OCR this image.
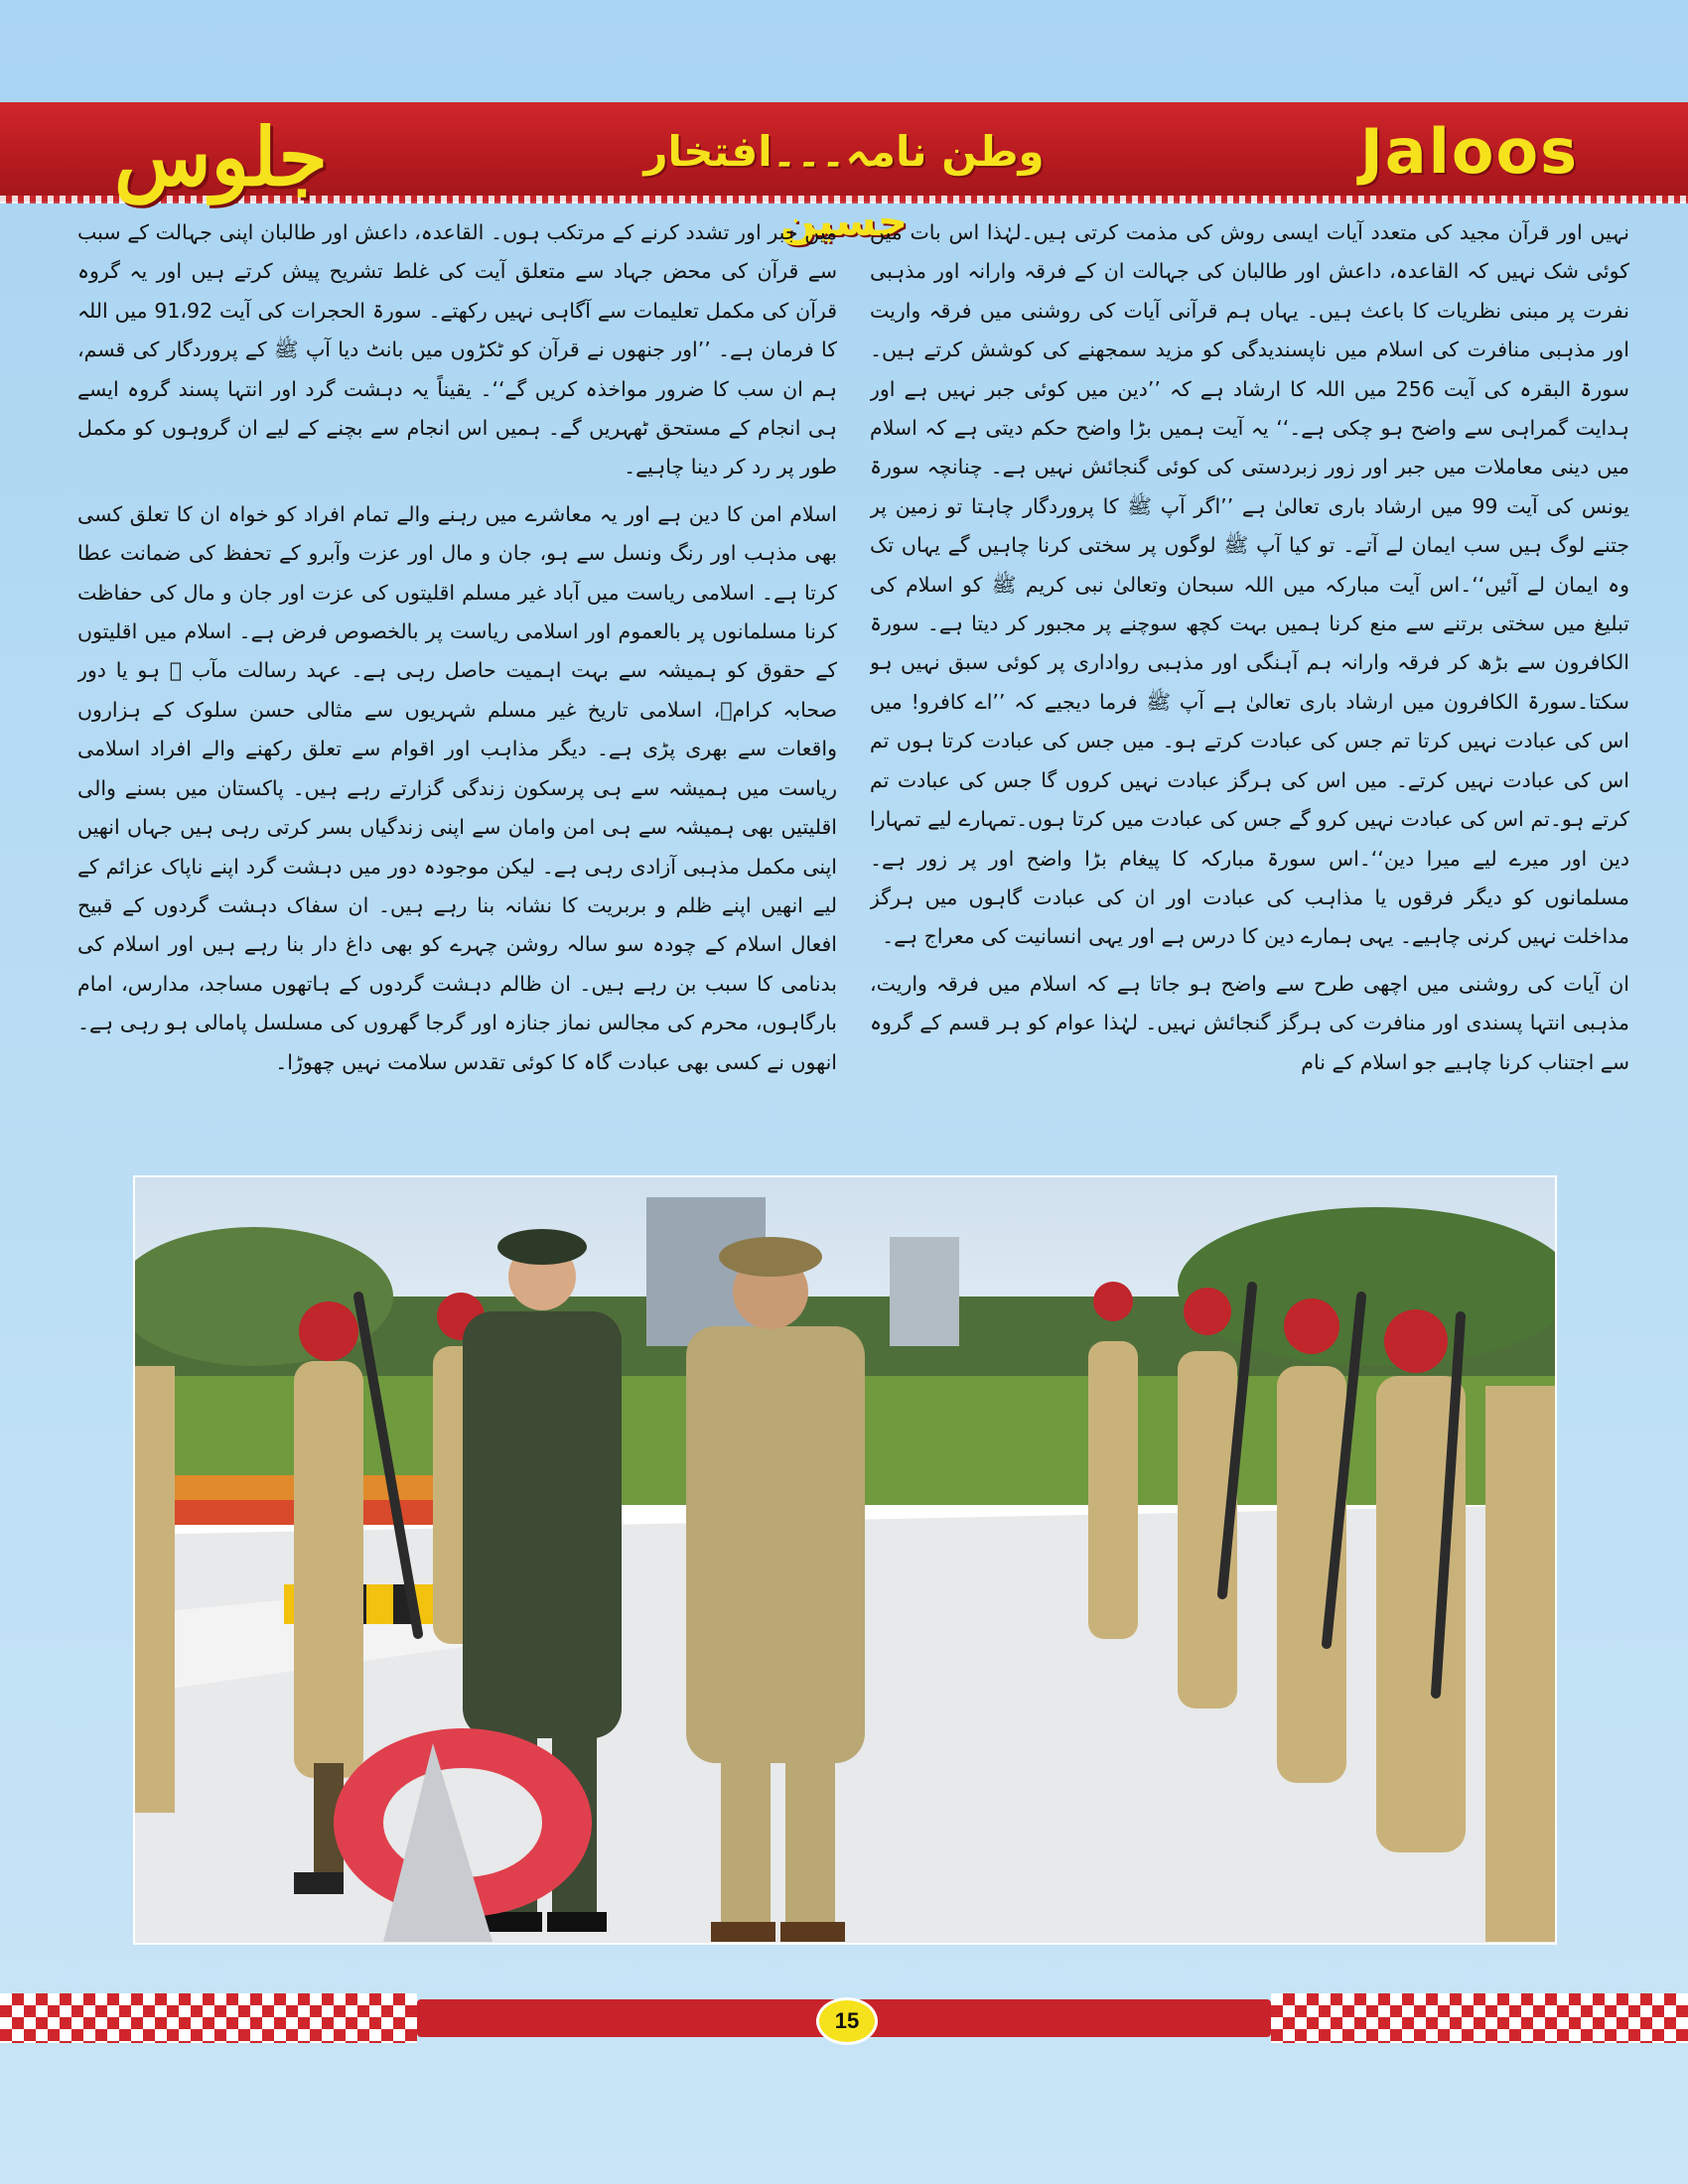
جلوس	وطن نامہ۔۔۔افتخار حسین
Jaloos

نہیں اور قرآن مجید کی متعدد آیات ایسی روش کی مذمت کرتی ہیں۔لہٰذا اس بات میں کوئی شک نہیں کہ القاعدہ، داعش اور طالبان کی جہالت ان کے فرقہ وارانہ اور مذہبی نفرت پر مبنی نظریات کا باعث ہیں۔ یہاں ہم قرآنی آیات کی روشنی میں فرقہ واریت اور مذہبی منافرت کی اسلام میں ناپسندیدگی کو مزید سمجھنے کی کوشش کرتے ہیں۔سورۃ البقرہ کی آیت 256 میں اللہ کا ارشاد ہے کہ ’’دین میں کوئی جبر نہیں ہے اور ہدایت گمراہی سے واضح ہو چکی ہے۔‘‘ یہ آیت ہمیں بڑا واضح حکم دیتی ہے کہ اسلام میں دینی معاملات میں جبر اور زور زبردستی کی کوئی گنجائش نہیں ہے۔ چنانچہ سورۃ یونس کی آیت 99 میں ارشاد باری تعالیٰ ہے ’’اگر آپ ﷺ کا پروردگار چاہتا تو زمین پر جتنے لوگ ہیں سب ایمان لے آتے۔ تو کیا آپ ﷺ لوگوں پر سختی کرنا چاہیں گے یہاں تک وہ ایمان لے آئیں‘‘۔اس آیت مبارکہ میں اللہ سبحان وتعالیٰ نبی کریم ﷺ کو اسلام کی تبلیغ میں سختی برتنے سے منع کرنا ہمیں بہت کچھ سوچنے پر مجبور کر دیتا ہے۔ سورۃ الکافرون سے بڑھ کر فرقہ وارانہ ہم آہنگی اور مذہبی رواداری پر کوئی سبق نہیں ہو سکتا۔سورۃ الکافرون میں ارشاد باری تعالیٰ ہے آپ ﷺ فرما دیجیے کہ ’’اے کافرو! میں اس کی عبادت نہیں کرتا تم جس کی عبادت کرتے ہو۔ میں جس کی عبادت کرتا ہوں تم اس کی عبادت نہیں کرتے۔ میں اس کی ہرگز عبادت نہیں کروں گا جس کی عبادت تم کرتے ہو۔تم اس کی عبادت نہیں کرو گے جس کی عبادت میں کرتا ہوں۔تمہارے لیے تمہارا دین اور میرے لیے میرا دین‘‘۔اس سورۃ مبارکہ کا پیغام بڑا واضح اور پر زور ہے۔ مسلمانوں کو دیگر فرقوں یا مذاہب کی عبادت اور ان کی عبادت گاہوں میں ہرگز مداخلت نہیں کرنی چاہیے۔ یہی ہمارے دین کا درس ہے اور یہی انسانیت کی معراج ہے۔

ان آیات کی روشنی میں اچھی طرح سے واضح ہو جاتا ہے کہ اسلام میں فرقہ واریت، مذہبی انتہا پسندی اور منافرت کی ہرگز گنجائش نہیں۔ لہٰذا عوام کو ہر قسم کے گروہ سے اجتناب کرنا چاہیے جو اسلام کے نام

میں جبر اور تشدد کرنے کے مرتکب ہوں۔ القاعدہ، داعش اور طالبان اپنی جہالت کے سبب سے قرآن کی محض جہاد سے متعلق آیت کی غلط تشریح پیش کرتے ہیں اور یہ گروہ قرآن کی مکمل تعلیمات سے آگاہی نہیں رکھتے۔ سورۃ الحجرات کی آیت 91،92 میں اللہ کا فرمان ہے۔ ’’اور جنھوں نے قرآن کو ٹکڑوں میں بانٹ دیا آپ ﷺ کے پروردگار کی قسم، ہم ان سب کا ضرور مواخذہ کریں گے‘‘۔ یقیناً یہ دہشت گرد اور انتہا پسند گروہ ایسے ہی انجام کے مستحق ٹھہریں گے۔ ہمیں اس انجام سے بچنے کے لیے ان گروہوں کو مکمل طور پر رد کر دینا چاہیے۔

اسلام امن کا دین ہے اور یہ معاشرے میں رہنے والے تمام افراد کو خواہ ان کا تعلق کسی بھی مذہب اور رنگ ونسل سے ہو، جان و مال اور عزت وآبرو کے تحفظ کی ضمانت عطا کرتا ہے۔ اسلامی ریاست میں آباد غیر مسلم اقلیتوں کی عزت اور جان و مال کی حفاظت کرنا مسلمانوں پر بالعموم اور اسلامی ریاست پر بالخصوص فرض ہے۔ اسلام میں اقلیتوں کے حقوق کو ہمیشہ سے بہت اہمیت حاصل رہی ہے۔ عہد رسالت مآب ﷺ ہو یا دور صحابہ کرامؓ، اسلامی تاریخ غیر مسلم شہریوں سے مثالی حسن سلوک کے ہزاروں واقعات سے بھری پڑی ہے۔ دیگر مذاہب اور اقوام سے تعلق رکھنے والے افراد اسلامی ریاست میں ہمیشہ سے ہی پرسکون زندگی گزارتے رہے ہیں۔ پاکستان میں بسنے والی اقلیتیں بھی ہمیشہ سے ہی امن وامان سے اپنی زندگیاں بسر کرتی رہی ہیں جہاں انھیں اپنی مکمل مذہبی آزادی رہی ہے۔ لیکن موجودہ دور میں دہشت گرد اپنے ناپاک عزائم کے لیے انھیں اپنے ظلم و بربریت کا نشانہ بنا رہے ہیں۔ ان سفاک دہشت گردوں کے قبیح افعال اسلام کے چودہ سو سالہ روشن چہرے کو بھی داغ دار بنا رہے ہیں اور اسلام کی بدنامی کا سبب بن رہے ہیں۔ ان ظالم دہشت گردوں کے ہاتھوں مساجد، مدارس، امام بارگاہوں، محرم کی مجالس نماز جنازہ اور گرجا گھروں کی مسلسل پامالی ہو رہی ہے۔ انھوں نے کسی بھی عبادت گاہ کا کوئی تقدس سلامت نہیں چھوڑا۔

15
